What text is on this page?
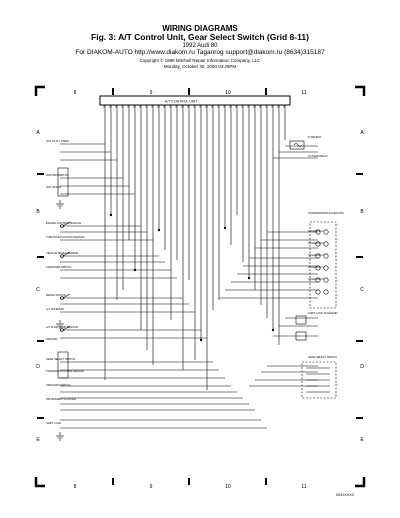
WIRING DIAGRAMS
Fig. 3: A/T Control Unit, Gear Select Switch (Grid 8-11)
1992 Audi 80
For DIAKOM-AUTO http://www.diakom.ru Taganrog support@diakom.ru (8634)315187
Copyright © 1998 Mitchell Repair Information Company, LLC
Monday, October 30, 2000 03:25PM
8
8
9
9
10
10
11
11
A	A
B	B
C	C
D	D
E	E
A/T CONTROL UNIT
HOT AT ALL TIMES
IGNITION SWITCH
HOT IN RUN
ENGINE CONTROL MODULE
THROTTLE POSITION SENSOR
VEHICLE SPEED SENSOR
KICKDOWN SWITCH
BRAKE SWITCH
A/T SOLENOID
A/T FLUID TEMP SENSOR
GROUND
GEAR SELECT SWITCH
TRANSMISSION RPM SENSOR
PROGRAM SWITCH
INSTRUMENT CLUSTER
SHIFT LOCK
FUSE BOX
TO MAIN RELAY
TRANSMISSION SOLENOIDS
SOLENOID 1
SOLENOID 2
SOLENOID 3
SOLENOID 4
SOLENOID 5
SHIFT LOCK SOLENOID
GEAR SELECT SWITCH
G04XXXXX
